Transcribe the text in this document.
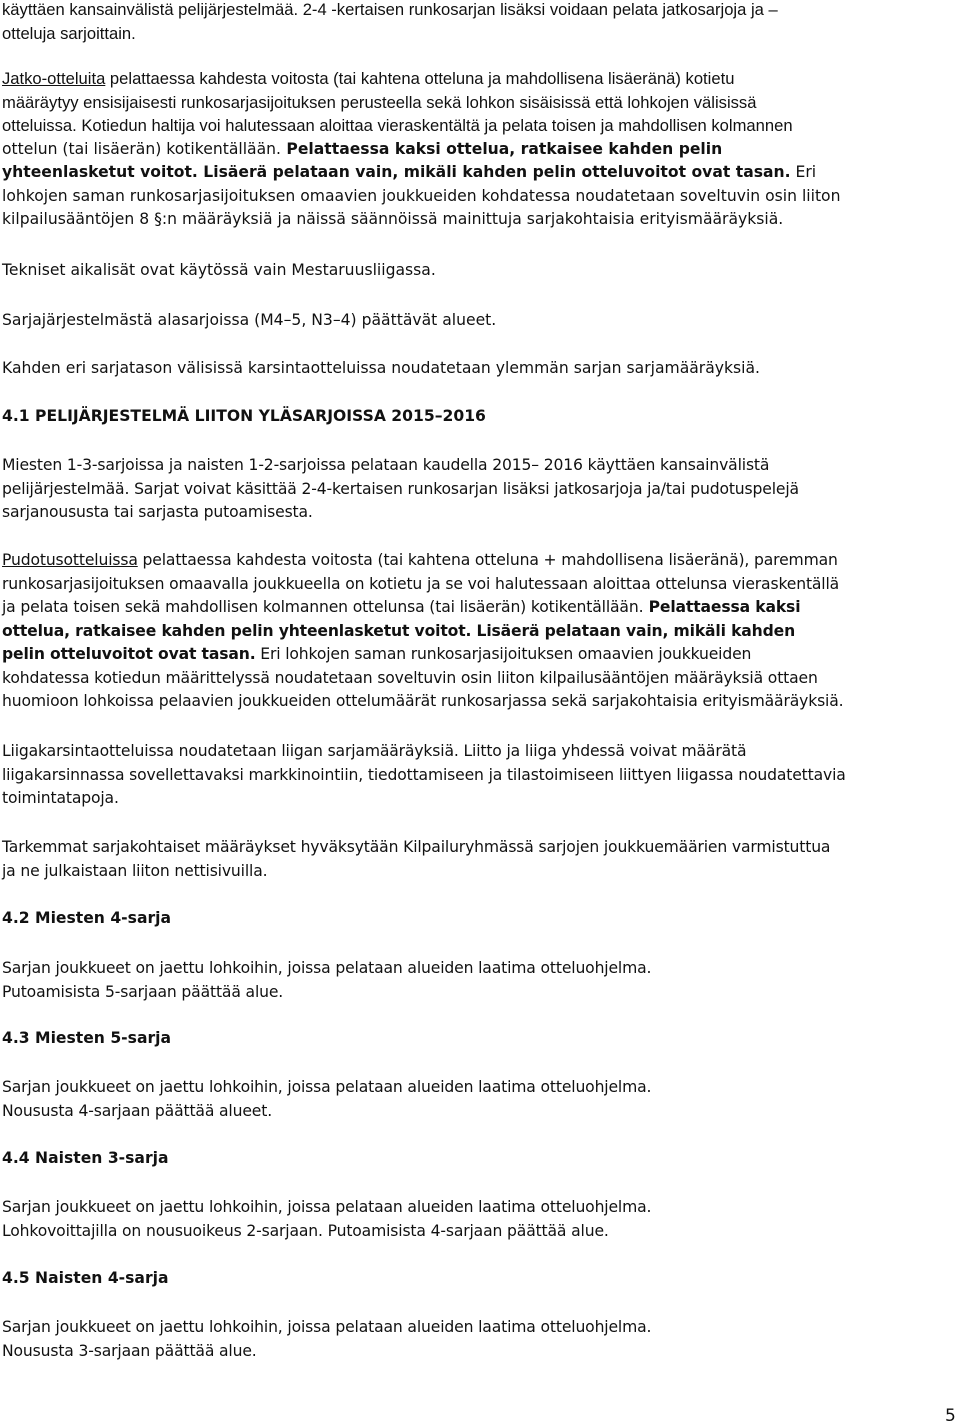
käyttäen kansainvälistä pelijärjestelmää. 2-4 -kertaisen runkosarjan lisäksi voidaan pelata jatkosarjoja ja –
otteluja sarjoittain.
Jatko-otteluita pelattaessa kahdesta voitosta (tai kahtena otteluna ja mahdollisena lisäeränä) kotietu
määräytyy ensisijaisesti runkosarjasijoituksen perusteella sekä lohkon sisäisissä että lohkojen välisissä
otteluissa. Kotiedun haltija voi halutessaan aloittaa vieraskentältä ja pelata toisen ja mahdollisen kolmannen
ottelun (tai lisäerän) kotikentällään. Pelattaessa kaksi ottelua, ratkaisee kahden pelin
yhteenlasketut voitot. Lisäerä pelataan vain, mikäli kahden pelin otteluvoitot ovat tasan. Eri
lohkojen saman runkosarjasijoituksen omaavien joukkueiden kohdatessa noudatetaan soveltuvin osin liiton
kilpailusääntöjen 8 §:n määräyksiä ja näissä säännöissä mainittuja sarjakohtaisia erityismääräyksiä.

Tekniset aikalisät ovat käytössä vain Mestaruusliigassa.

Sarjajärjestelmästä alasarjoissa (M4–5, N3–4) päättävät alueet.

Kahden eri sarjatason välisissä karsintaotteluissa noudatetaan ylemmän sarjan sarjamääräyksiä.

4.1 PELIJÄRJESTELMÄ LIITON YLÄSARJOISSA 2015–2016
Miesten 1-3-sarjoissa ja naisten 1-2-sarjoissa pelataan kaudella 2015– 2016 käyttäen kansainvälistä
pelijärjestelmää. Sarjat voivat käsittää 2-4-kertaisen runkosarjan lisäksi jatkosarjoja ja/tai pudotuspelejä
sarjanoususta tai sarjasta putoamisesta.
Pudotusotteluissa pelattaessa kahdesta voitosta (tai kahtena otteluna + mahdollisena lisäeränä), paremman
runkosarjasijoituksen omaavalla joukkueella on kotietu ja se voi halutessaan aloittaa ottelunsa vieraskentällä
ja pelata toisen sekä mahdollisen kolmannen ottelunsa (tai lisäerän) kotikentällään. Pelattaessa kaksi
ottelua, ratkaisee kahden pelin yhteenlasketut voitot. Lisäerä pelataan vain, mikäli kahden
pelin otteluvoitot ovat tasan. Eri lohkojen saman runkosarjasijoituksen omaavien joukkueiden
kohdatessa kotiedun määrittelyssä noudatetaan soveltuvin osin liiton kilpailusääntöjen määräyksiä ottaen
huomioon lohkoissa pelaavien joukkueiden ottelumäärät runkosarjassa sekä sarjakohtaisia erityismääräyksiä.
Liigakarsintaotteluissa noudatetaan liigan sarjamääräyksiä. Liitto ja liiga yhdessä voivat määrätä
liigakarsinnassa sovellettavaksi markkinointiin, tiedottamiseen ja tilastoimiseen liittyen liigassa noudatettavia
toimintatapoja.
Tarkemmat sarjakohtaiset määräykset hyväksytään Kilpailuryhmässä sarjojen joukkuemäärien varmistuttua
ja ne julkaistaan liiton nettisivuilla.
4.2 Miesten 4-sarja
Sarjan joukkueet on jaettu lohkoihin, joissa pelataan alueiden laatima otteluohjelma.
Putoamisista 5-sarjaan päättää alue.
4.3 Miesten 5-sarja
Sarjan joukkueet on jaettu lohkoihin, joissa pelataan alueiden laatima otteluohjelma.
Noususta 4-sarjaan päättää alueet.
4.4 Naisten 3-sarja
Sarjan joukkueet on jaettu lohkoihin, joissa pelataan alueiden laatima otteluohjelma.
Lohkovoittajilla on nousuoikeus 2-sarjaan. Putoamisista 4-sarjaan päättää alue.
4.5 Naisten 4-sarja
Sarjan joukkueet on jaettu lohkoihin, joissa pelataan alueiden laatima otteluohjelma.
Noususta 3-sarjaan päättää alue.
5
